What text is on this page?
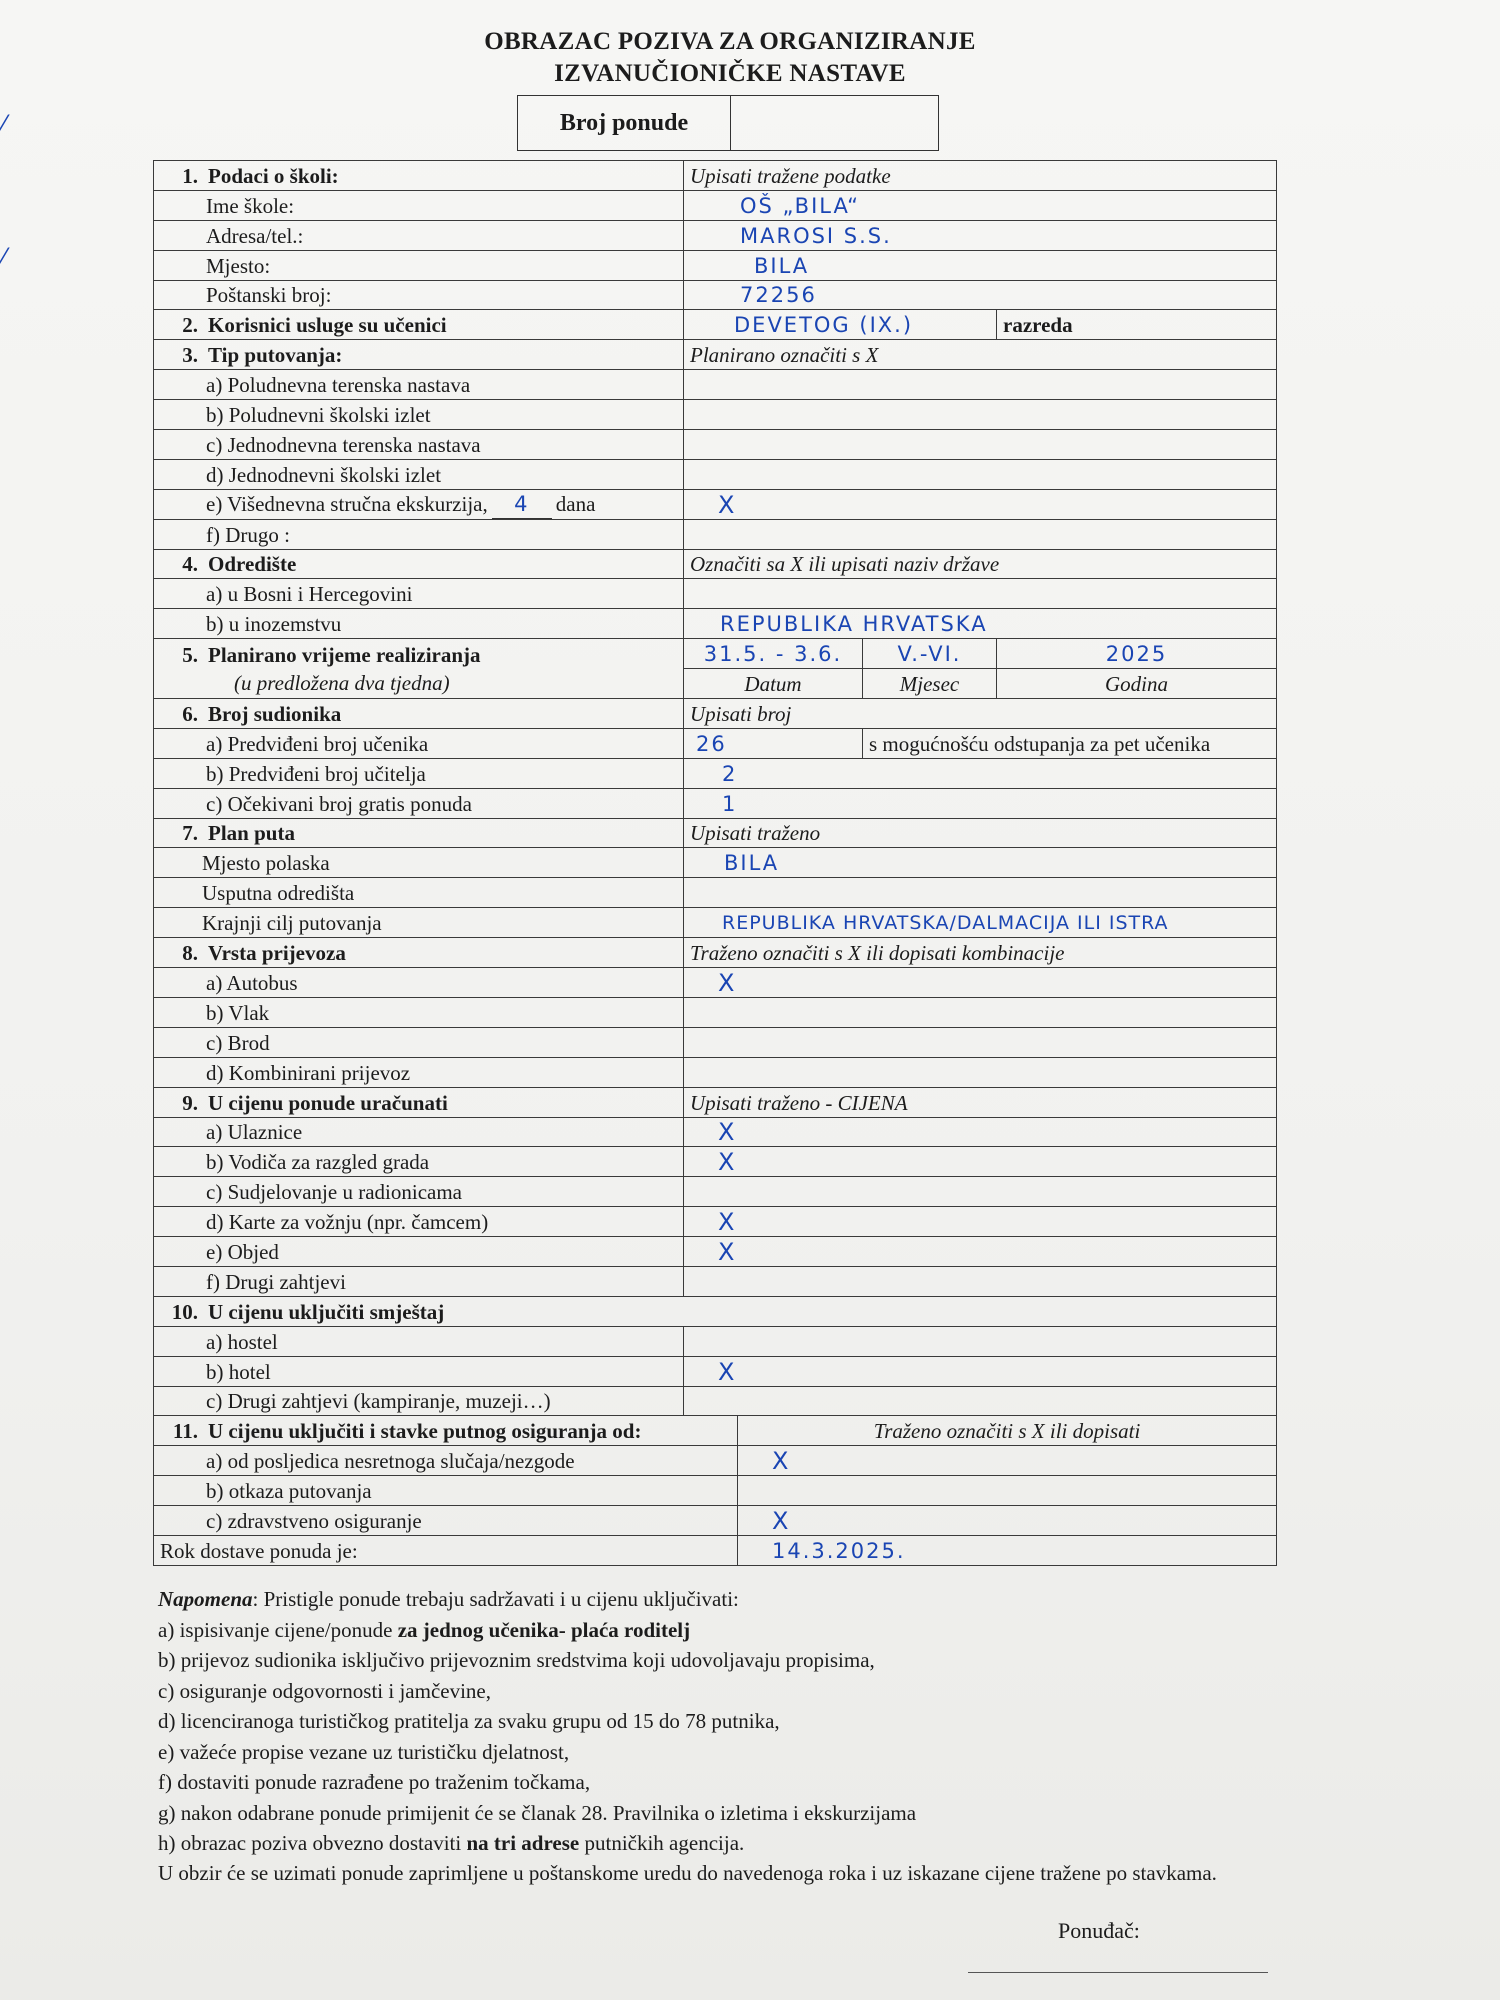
OBRAZAC POZIVA ZA ORGANIZIRANJE
IZVANUČIONIČKE NASTAVE
Broj ponude
1. Podaci o školi:	Upisati tražene podatke			
Ime škole:	OŠ „BILA“			
Adresa/tel.:	MAROSI S.S.			
Mjesto:	BILA			
Poštanski broj:	72256			
2. Korisnici usluge su učenici	DEVETOG (IX.)			razreda
3. Tip putovanja:	Planirano označiti s X			
a) Poludnevna terenska nastava				
b) Poludnevni školski izlet				
c) Jednodnevna terenska nastava				
d) Jednodnevni školski izlet				
e) Višednevna stručna ekskurzija, 4 dana	X			
f) Drugo :				
4. Odredište	Označiti sa X ili upisati naziv države			
a) u Bosni i Hercegovini				
b) u inozemstvu	REPUBLIKA HRVATSKA			
5. Planirano vrijeme realiziranja
(u predložena dva tjedna)	31.5. - 3.6.		V.-VI.	2025
	Datum		Mjesec	Godina
6. Broj sudionika	Upisati broj			
a) Predviđeni broj učenika	26		s mogućnošću odstupanja za pet učenika	
b) Predviđeni broj učitelja	2			
c) Očekivani broj gratis ponuda	1			
7. Plan puta	Upisati traženo			
Mjesto polaska	BILA			
Usputna odredišta				
Krajnji cilj putovanja	REPUBLIKA HRVATSKA/DALMACIJA ILI ISTRA			
8. Vrsta prijevoza	Traženo označiti s X ili dopisati kombinacije			
a) Autobus	X			
b) Vlak				
c) Brod				
d) Kombinirani prijevoz				
9. U cijenu ponude uračunati	Upisati traženo - CIJENA			
a) Ulaznice	X			
b) Vodiča za razgled grada	X			
c) Sudjelovanje u radionicama				
d) Karte za vožnju (npr. čamcem)	X			
e) Objed	X			
f) Drugi zahtjevi				
10. U cijenu uključiti smještaj				
a) hostel				
b) hotel	X			
c) Drugi zahtjevi (kampiranje, muzeji…)				
11. U cijenu uključiti i stavke putnog osiguranja od:		Traženo označiti s X ili dopisati		
a) od posljedica nesretnoga slučaja/nezgode		X		
b) otkaza putovanja				
c) zdravstveno osiguranje		X		
Rok dostave ponuda je:		14.3.2025.		
Napomena: Pristigle ponude trebaju sadržavati i u cijenu uključivati:
a) ispisivanje cijene/ponude za jednog učenika- plaća roditelj
b) prijevoz sudionika isključivo prijevoznim sredstvima koji udovoljavaju propisima,
c) osiguranje odgovornosti i jamčevine,
d) licenciranoga turističkog pratitelja za svaku grupu od 15 do 78 putnika,
e) važeće propise vezane uz turističku djelatnost,
f) dostaviti ponude razrađene po traženim točkama,
g) nakon odabrane ponude primijenit će se članak 28. Pravilnika o izletima i ekskurzijama
h) obrazac poziva obvezno dostaviti na tri adrese putničkih agencija.
U obzir će se uzimati ponude zaprimljene u poštanskome uredu do navedenoga roka i uz iskazane cijene tražene po stavkama.
Ponuđač:
⁄
⁄
